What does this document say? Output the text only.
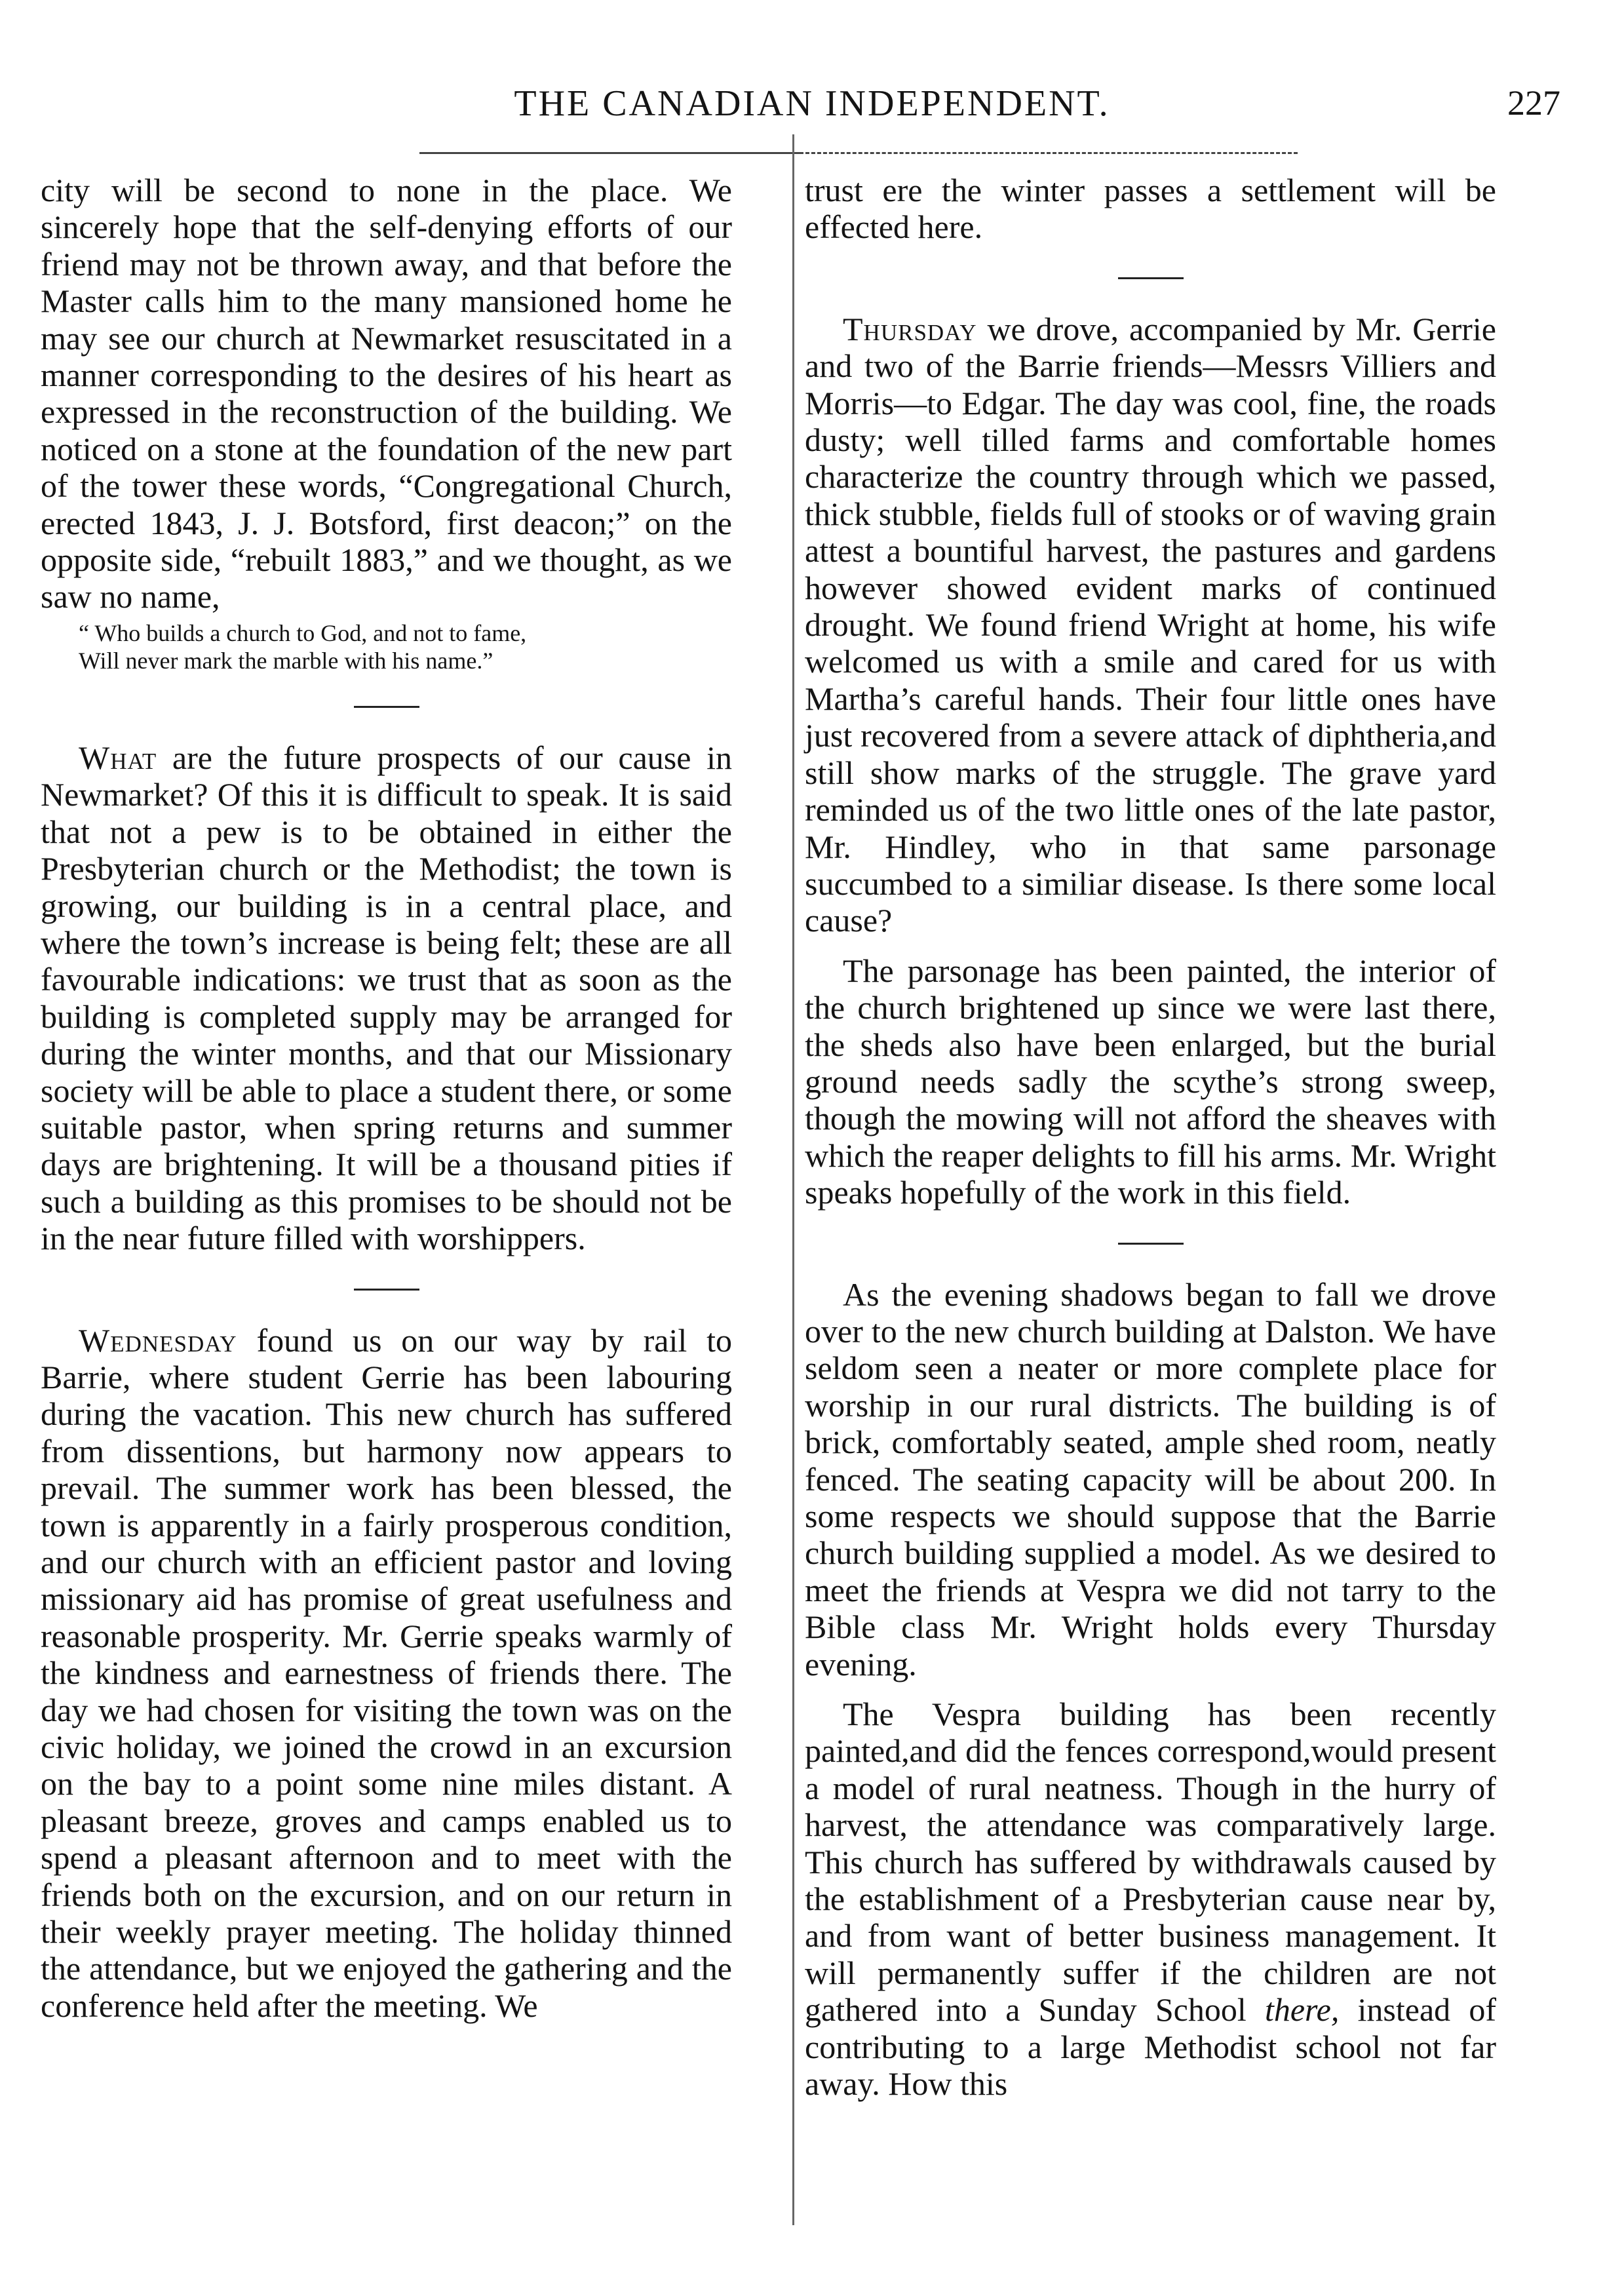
THE CANADIAN INDEPENDENT.	227

city will be second to none in the place. We sincerely hope that the self-denying efforts of our friend may not be thrown away, and that before the Master calls him to the many mansioned home he may see our church at Newmarket resuscitated in a manner corresponding to the desires of his heart as expressed in the reconstruction of the building. We noticed on a stone at the foundation of the new part of the tower these words, “Congregational Church, erected 1843, J. J. Botsford, first deacon;” on the opposite side, “rebuilt 1883,” and we thought, as we saw no name,

“ Who builds a church to God, and not to fame,
Will never mark the marble with his name.”

What are the future prospects of our cause in Newmarket? Of this it is difficult to speak. It is said that not a pew is to be obtained in either the Presbyterian church or the Methodist; the town is growing, our building is in a central place, and where the town’s increase is being felt; these are all favourable indications: we trust that as soon as the building is completed supply may be arranged for during the winter months, and that our Missionary society will be able to place a student there, or some suitable pastor, when spring returns and summer days are brightening. It will be a thousand pities if such a building as this promises to be should not be in the near future filled with worshippers.

Wednesday found us on our way by rail to Barrie, where student Gerrie has been labouring during the vacation. This new church has suffered from dissentions, but harmony now appears to prevail. The summer work has been blessed, the town is apparently in a fairly prosperous condition, and our church with an efficient pastor and loving missionary aid has promise of great usefulness and reasonable prosperity. Mr. Gerrie speaks warmly of the kindness and earnestness of friends there. The day we had chosen for visiting the town was on the civic holiday, we joined the crowd in an excursion on the bay to a point some nine miles distant. A pleasant breeze, groves and camps enabled us to spend a pleasant afternoon and to meet with the friends both on the excursion, and on our return in their weekly prayer meeting. The holiday thinned the attendance, but we enjoyed the gathering and the conference held after the meeting. We

trust ere the winter passes a settlement will be effected here.

Thursday we drove, accompanied by Mr. Gerrie and two of the Barrie friends—Messrs Villiers and Morris—to Edgar. The day was cool, fine, the roads dusty; well tilled farms and comfortable homes characterize the country through which we passed, thick stubble, fields full of stooks or of waving grain attest a bountiful harvest, the pastures and gardens however showed evident marks of continued drought. We found friend Wright at home, his wife welcomed us with a smile and cared for us with Martha’s careful hands. Their four little ones have just recovered from a severe attack of diphtheria,and still show marks of the struggle. The grave yard reminded us of the two little ones of the late pastor, Mr. Hindley, who in that same parsonage succumbed to a similiar disease. Is there some local cause?

The parsonage has been painted, the interior of the church brightened up since we were last there, the sheds also have been enlarged, but the burial ground needs sadly the scythe’s strong sweep, though the mowing will not afford the sheaves with which the reaper delights to fill his arms. Mr. Wright speaks hopefully of the work in this field.

As the evening shadows began to fall we drove over to the new church building at Dalston. We have seldom seen a neater or more complete place for worship in our rural districts. The building is of brick, comfortably seated, ample shed room, neatly fenced. The seating capacity will be about 200. In some respects we should suppose that the Barrie church building supplied a model. As we desired to meet the friends at Vespra we did not tarry to the Bible class Mr. Wright holds every Thursday evening.

The Vespra building has been recently painted,and did the fences correspond,would present a model of rural neatness. Though in the hurry of harvest, the attendance was comparatively large. This church has suffered by withdrawals caused by the establishment of a Presbyterian cause near by, and from want of better business management. It will permanently suffer if the children are not gathered into a Sunday School there, instead of contributing to a large Methodist school not far away. How this
